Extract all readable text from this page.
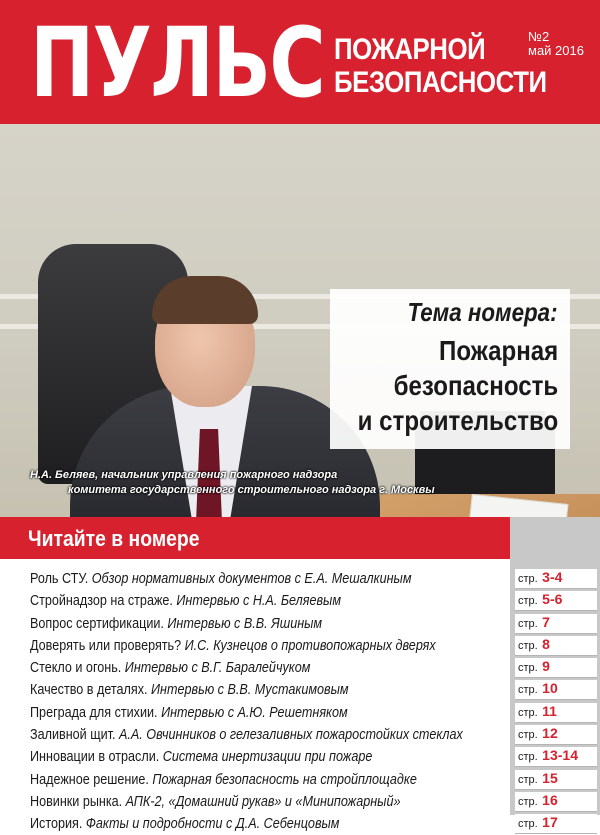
ПУЛЬС ПОЖАРНОЙ
БЕЗОПАСНОСТИ
№2
май 2016
Тема номера:
Пожарная
безопасность
и строительство
Н.А. Беляев, начальник управления пожарного надзора
комитета государственного строительного надзора г. Москвы
Читайте в номере
Роль СТУ. Обзор нормативных документов с Е.А. Мешалкиным	стр. 3-4
Стройнадзор на страже. Интервью с Н.А. Беляевым	стр. 5-6
Вопрос сертификации. Интервью с В.В. Яшиным	стр. 7
Доверять или проверять? И.С. Кузнецов о противопожарных дверях	стр. 8
Стекло и огонь. Интервью с В.Г. Баралейчуком	стр. 9
Качество в деталях. Интервью с В.В. Мустакимовым	стр. 10
Преграда для стихии. Интервью с А.Ю. Решетняком	стр. 11
Заливной щит. А.А. Овчинников о гелезаливных пожаростойких стеклах	стр. 12
Инновации в отрасли. Система инертизации при пожаре	стр. 13-14
Надежное решение. Пожарная безопасность на стройплощадке	стр. 15
Новинки рынка. АПК-2, «Домашний рукав» и «Минипожарный»	стр. 16
История. Факты и подробности с Д.А. Себенцовым	стр. 17
